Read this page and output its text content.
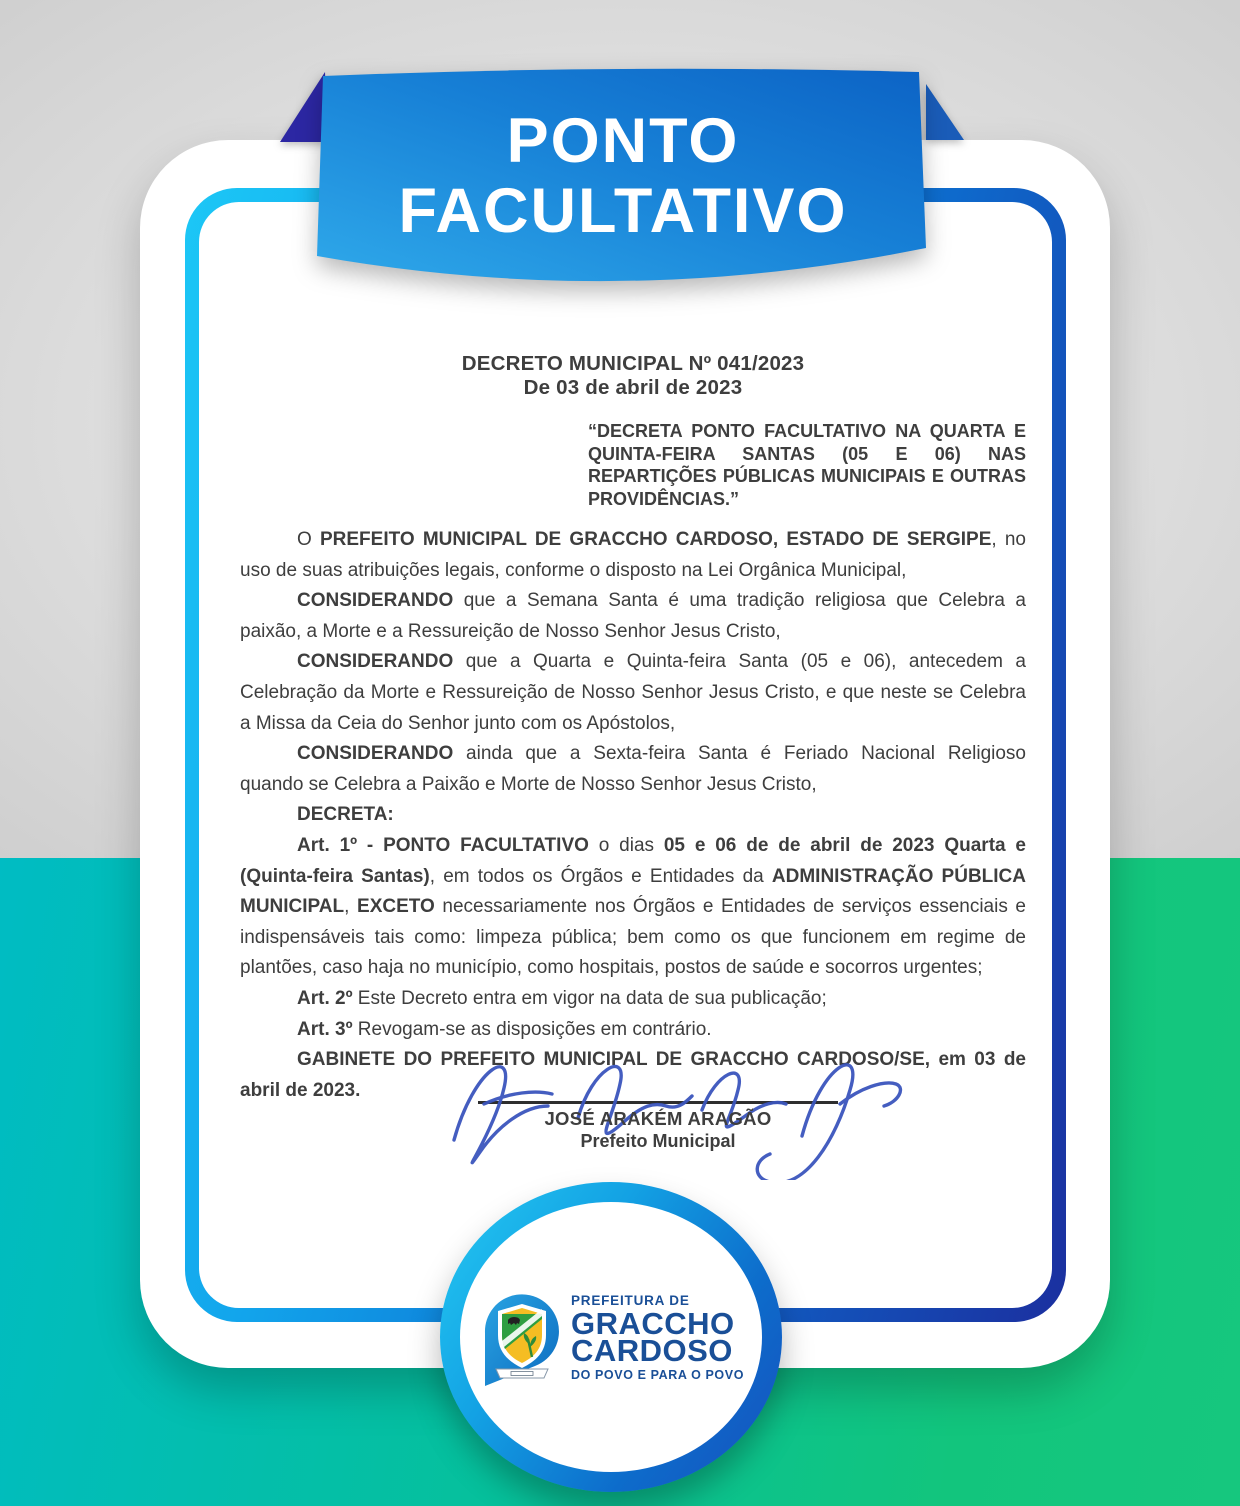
PONTO
FACULTATIVO
DECRETO MUNICIPAL Nº 041/2023
De 03 de abril de 2023
“DECRETA PONTO FACULTATIVO NA QUARTA E QUINTA-FEIRA SANTAS (05 E 06) NAS REPARTIÇÕES PÚBLICAS MUNICIPAIS E OUTRAS PROVIDÊNCIAS.”

O PREFEITO MUNICIPAL DE GRACCHO CARDOSO, ESTADO DE SERGIPE, no uso de suas atribuições legais, conforme o disposto na Lei Orgânica Municipal,

CONSIDERANDO que a Semana Santa é uma tradição religiosa que Celebra a paixão, a Morte e a Ressureição de Nosso Senhor Jesus Cristo,

CONSIDERANDO que a Quarta e Quinta-feira Santa (05 e 06), antecedem a Celebração da Morte e Ressureição de Nosso Senhor Jesus Cristo, e que neste se Celebra a Missa da Ceia do Senhor junto com os Apóstolos,

CONSIDERANDO ainda que a Sexta-feira Santa é Feriado Nacional Religioso quando se Celebra a Paixão e Morte de Nosso Senhor Jesus Cristo,

DECRETA:

Art. 1º - PONTO FACULTATIVO o dias 05 e 06 de de abril de 2023 Quarta e (Quinta-feira Santas), em todos os Órgãos e Entidades da ADMINISTRAÇÃO PÚBLICA MUNICIPAL, EXCETO necessariamente nos Órgãos e Entidades de serviços essenciais e indispensáveis tais como: limpeza pública; bem como os que funcionem em regime de plantões, caso haja no município, como hospitais, postos de saúde e socorros urgentes;

Art. 2º Este Decreto entra em vigor na data de sua publicação;

Art. 3º Revogam-se as disposições em contrário.

GABINETE DO PREFEITO MUNICIPAL DE GRACCHO CARDOSO/SE, em 03 de abril de 2023.

JOSÉ ARAKÉM ARAGÃO
Prefeito Municipal
PREFEITURA DE
GRACCHO
CARDOSO
DO POVO E PARA O POVO
